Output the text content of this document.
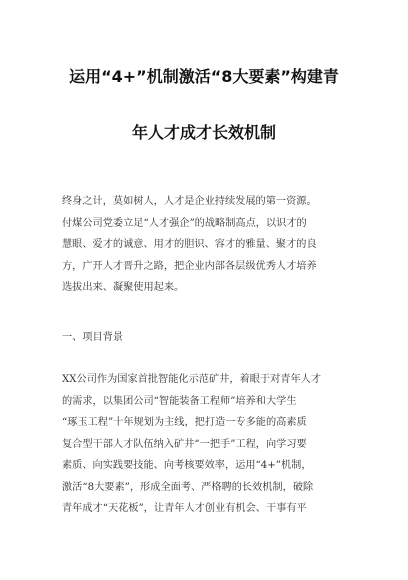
运用“4+”机制激活“8大要素”构建青
年人才成才长效机制
终身之计，莫如树人，人才是企业持续发展的第一资源。
付煤公司党委立足“人才强企”的战略制高点，以识才的
慧眼、爱才的诚意、用才的胆识、容才的雅量、聚才的良
方，广开人才晋升之路，把企业内部各层级优秀人才培养
选拔出来、凝聚使用起来。
一、项目背景
XX公司作为国家首批智能化示范矿井，着眼于对青年人才
的需求，以集团公司“智能装备工程师”培养和大学生
“琢玉工程”十年规划为主线，把打造一专多能的高素质
复合型干部人才队伍纳入矿井“一把手”工程，向学习要
素质、向实践要技能、向考核要效率，运用“4+”机制，
激活“8大要素”，形成全面考、严格聘的长效机制，破除
青年成才“天花板”，让青年人才创业有机会、干事有平
